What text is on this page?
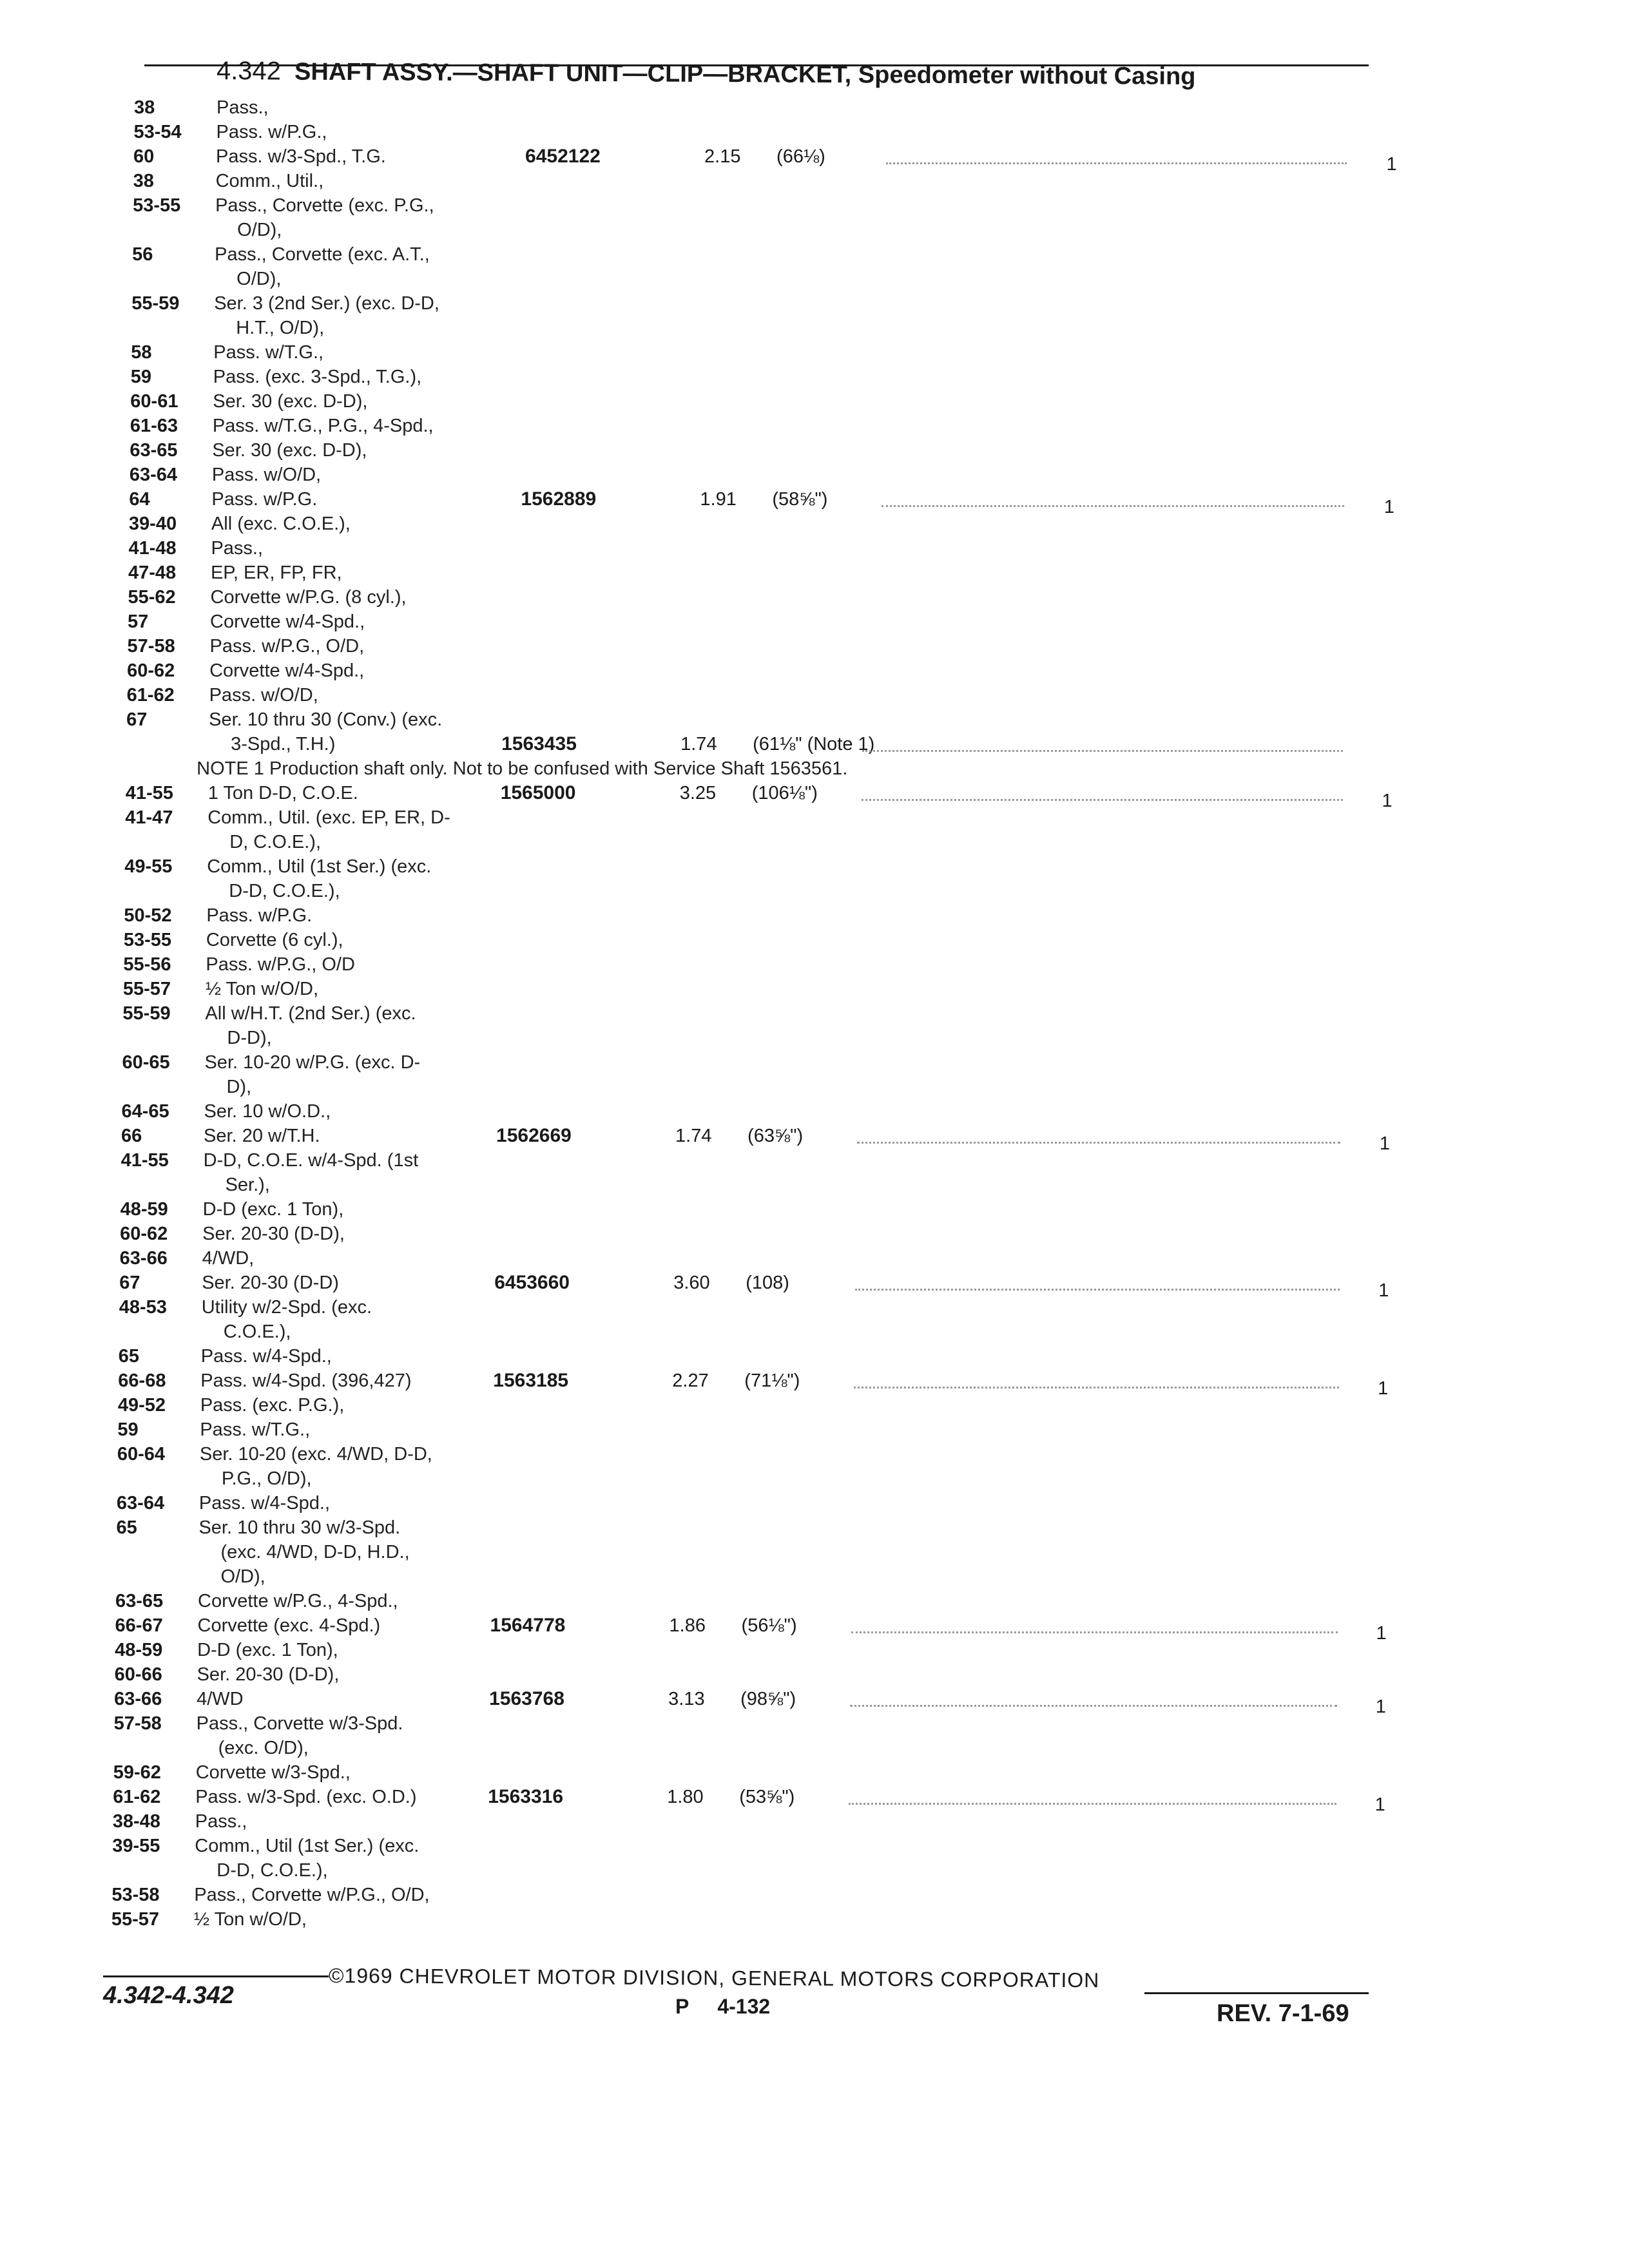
4.342 SHAFT ASSY.—SHAFT UNIT—CLIP—BRACKET, Speedometer without Casing
38	Pass.,
53-54 Pass. w/P.G.,
60	Pass. w/3-Spd., T.G.	6452122	2.15 (66⅛)	1
38	Comm., Util.,
53-55 Pass., Corvette (exc. P.G.,
O/D),
56	Pass., Corvette (exc. A.T.,
O/D),
55-59 Ser. 3 (2nd Ser.) (exc. D-D,
H.T., O/D),
58	Pass. w/T.G.,
59	Pass. (exc. 3-Spd., T.G.),
60-61 Ser. 30 (exc. D-D),
61-63 Pass. w/T.G., P.G., 4-Spd.,
63-65 Ser. 30 (exc. D-D),
63-64 Pass. w/O/D,
64	Pass. w/P.G.	1562889	1.91 (58⅝")	1
39-40 All (exc. C.O.E.),
41-48 Pass.,
47-48 EP, ER, FP, FR,
55-62 Corvette w/P.G. (8 cyl.),
57	Corvette w/4-Spd.,
57-58 Pass. w/P.G., O/D,
60-62 Corvette w/4-Spd.,
61-62 Pass. w/O/D,
67	Ser. 10 thru 30 (Conv.) (exc.
3-Spd., T.H.)	1563435	1.74 (61⅛" (Note 1)
NOTE 1 Production shaft only. Not to be confused with Service Shaft 1563561.
41-55 1 Ton D-D, C.O.E.	1565000	3.25 (106⅛")	1
41-47 Comm., Util. (exc. EP, ER, D-
D, C.O.E.),
49-55 Comm., Util (1st Ser.) (exc.
D-D, C.O.E.),
50-52 Pass. w/P.G.
53-55 Corvette (6 cyl.),
55-56 Pass. w/P.G., O/D
55-57 ½ Ton w/O/D,
55-59 All w/H.T. (2nd Ser.) (exc.
D-D),
60-65 Ser. 10-20 w/P.G. (exc. D-
D),
64-65 Ser. 10 w/O.D.,
66	Ser. 20 w/T.H.	1562669	1.74 (63⅝")	1
41-55 D-D, C.O.E. w/4-Spd. (1st
Ser.),
48-59 D-D (exc. 1 Ton),
60-62 Ser. 20-30 (D-D),
63-66 4/WD,
67	Ser. 20-30 (D-D)	6453660	3.60 (108)	1
48-53 Utility w/2-Spd. (exc.
C.O.E.),
65	Pass. w/4-Spd.,
66-68 Pass. w/4-Spd. (396,427)	1563185	2.27 (71⅛")	1
49-52 Pass. (exc. P.G.),
59	Pass. w/T.G.,
60-64 Ser. 10-20 (exc. 4/WD, D-D,
P.G., O/D),
63-64 Pass. w/4-Spd.,
65	Ser. 10 thru 30 w/3-Spd.
(exc. 4/WD, D-D, H.D.,
O/D),
63-65 Corvette w/P.G., 4-Spd.,
66-67 Corvette (exc. 4-Spd.)	1564778	1.86 (56⅛")	1
48-59 D-D (exc. 1 Ton),
60-66 Ser. 20-30 (D-D),
63-66 4/WD	1563768	3.13 (98⅝")	1
57-58 Pass., Corvette w/3-Spd.
(exc. O/D),
59-62 Corvette w/3-Spd.,
61-62 Pass. w/3-Spd. (exc. O.D.)	1563316	1.80 (53⅝")	1
38-48 Pass.,
39-55 Comm., Util (1st Ser.) (exc.
D-D, C.O.E.),
53-58 Pass., Corvette w/P.G., O/D,
55-57 ½ Ton w/O/D,
4.342-4.342
©1969 CHEVROLET MOTOR DIVISION, GENERAL MOTORS CORPORATION
P 4-132	REV. 7-1-69
